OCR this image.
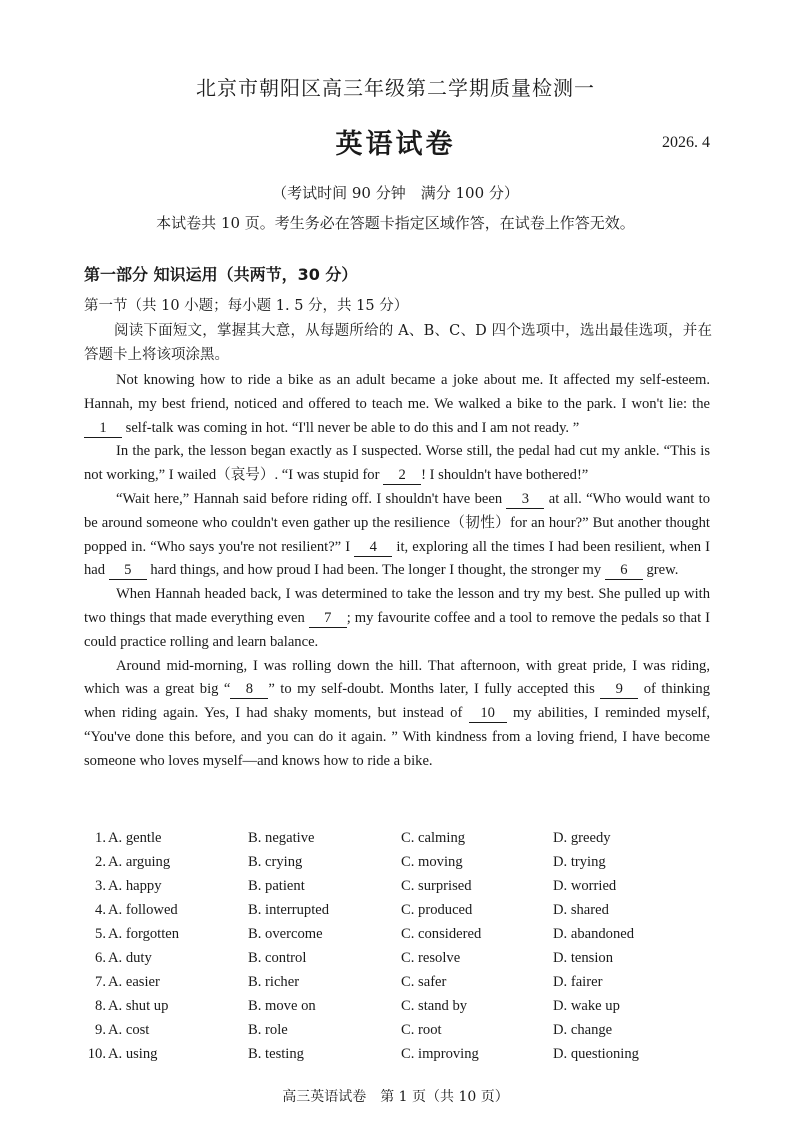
北京市朝阳区高三年级第二学期质量检测一
英语试卷	2026. 4
（考试时间 90 分钟　满分 100 分）
本试卷共 10 页。考生务必在答题卡指定区域作答，在试卷上作答无效。
第一部分 知识运用（共两节，30 分）
第一节（共 10 小题；每小题 1. 5 分，共 15 分）
阅读下面短文，掌握其大意，从每题所给的 A、B、C、D 四个选项中，选出最佳选项，并在答题卡上将该项涂黑。

Not knowing how to ride a bike as an adult became a joke about me. It affected my self-esteem. Hannah, my best friend, noticed and offered to teach me. We walked a bike to the park. I won't lie: the 1 self-talk was coming in hot. “I'll never be able to do this and I am not ready. ”

In the park, the lesson began exactly as I suspected. Worse still, the pedal had cut my ankle. “This is not working,” I wailed（哀号）. “I was stupid for 2 ! I shouldn't have bothered!”

“Wait here,” Hannah said before riding off. I shouldn't have been 3 at all. “Who would want to be around someone who couldn't even gather up the resilience（韧性）for an hour?” But another thought popped in. “Who says you're not resilient?” I 4 it, exploring all the times I had been resilient, when I had 5 hard things, and how proud I had been. The longer I thought, the stronger my 6 grew.

When Hannah headed back, I was determined to take the lesson and try my best. She pulled up with two things that made everything even 7 ; my favourite coffee and a tool to remove the pedals so that I could practice rolling and learn balance.

Around mid-morning, I was rolling down the hill. That afternoon, with great pride, I was riding, which was a great big “ 8 ” to my self-doubt. Months later, I fully accepted this 9 of thinking when riding again. Yes, I had shaky moments, but instead of 10 my abilities, I reminded myself, “You've done this before, and you can do it again. ” With kindness from a loving friend, I have become someone who loves myself—and knows how to ride a bike.

1. A. gentle	B. negative	C. calming	D. greedy
2. A. arguing	B. crying	C. moving	D. trying
3. A. happy	B. patient	C. surprised	D. worried
4. A. followed	B. interrupted	C. produced	D. shared
5. A. forgotten	B. overcome	C. considered	D. abandoned
6. A. duty	B. control	C. resolve	D. tension
7. A. easier	B. richer	C. safer	D. fairer
8. A. shut up	B. move on	C. stand by	D. wake up
9. A. cost	B. role	C. root	D. change
10. A. using	B. testing	C. improving	D. questioning
高三英语试卷　第 1 页（共 10 页）
